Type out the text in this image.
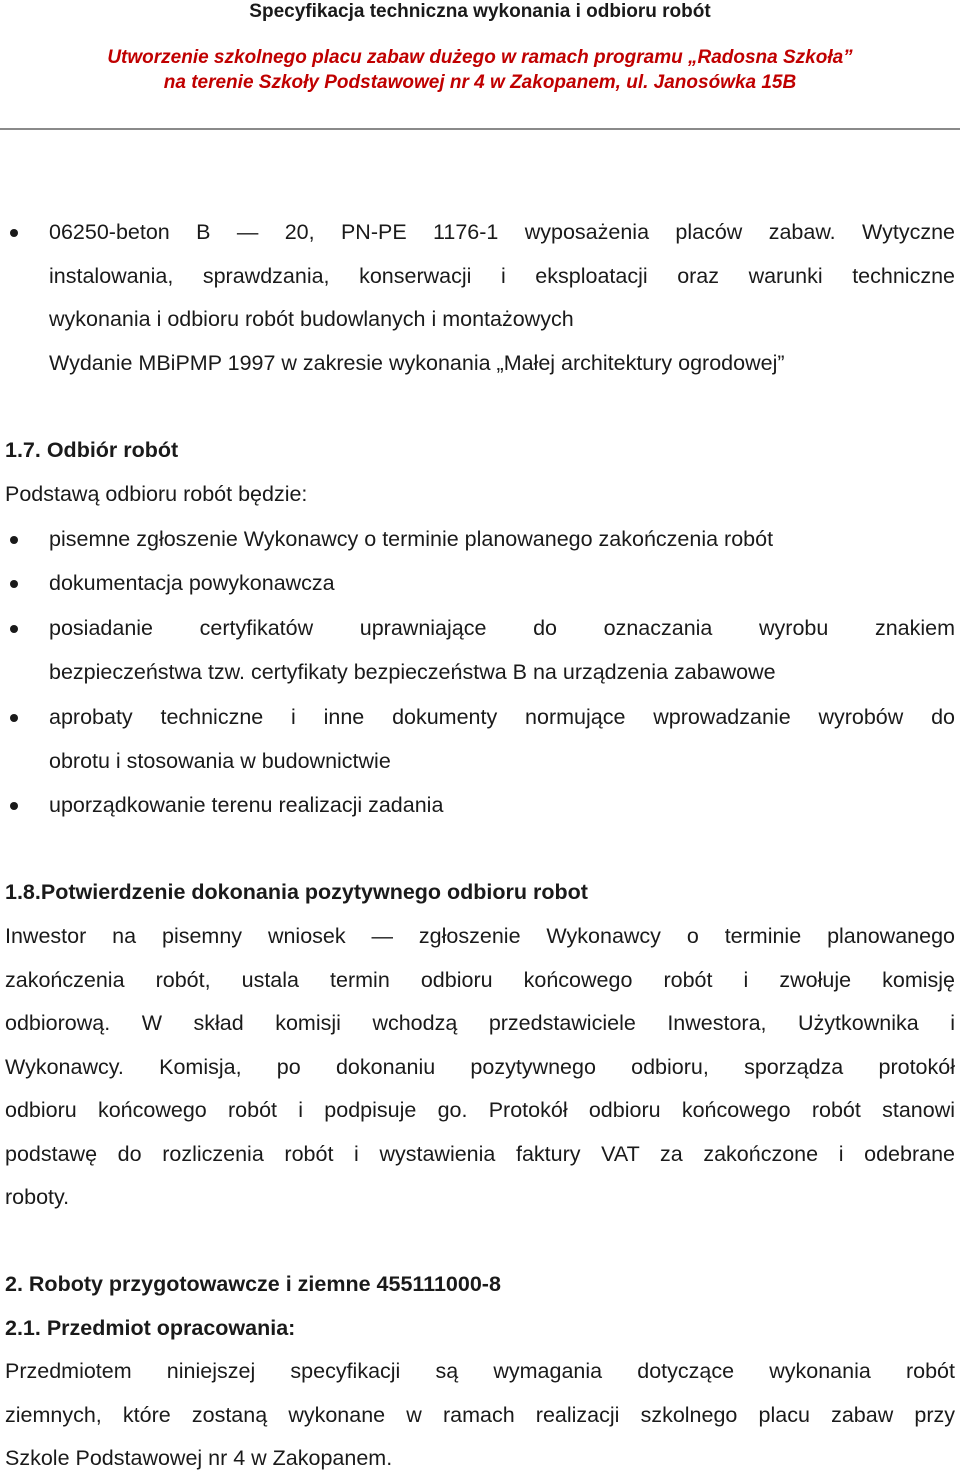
Specyfikacja techniczna wykonania i odbioru robót
Utworzenie szkolnego placu zabaw dużego w ramach programu „Radosna Szkoła”
na terenie Szkoły Podstawowej nr 4 w Zakopanem, ul. Janosówka 15B
06250-beton B — 20, PN-PE 1176-1 wyposażenia placów zabaw. Wytyczne
instalowania, sprawdzania, konserwacji i eksploatacji oraz warunki techniczne
wykonania i odbioru robót budowlanych i montażowych
Wydanie MBiPMP 1997 w zakresie wykonania „Małej architektury ogrodowej”
1.7. Odbiór robót
Podstawą odbioru robót będzie:
pisemne zgłoszenie Wykonawcy o terminie planowanego zakończenia robót
dokumentacja powykonawcza
posiadanie certyfikatów uprawniające do oznaczania wyrobu znakiem
bezpieczeństwa tzw. certyfikaty bezpieczeństwa B na urządzenia zabawowe
aprobaty techniczne i inne dokumenty normujące wprowadzanie wyrobów do
obrotu i stosowania w budownictwie
uporządkowanie terenu realizacji zadania
1.8.Potwierdzenie dokonania pozytywnego odbioru robot
Inwestor na pisemny wniosek — zgłoszenie Wykonawcy o terminie planowanego
zakończenia robót, ustala termin odbioru końcowego robót i zwołuje komisję
odbiorową. W skład komisji wchodzą przedstawiciele Inwestora, Użytkownika i
Wykonawcy. Komisja, po dokonaniu pozytywnego odbioru, sporządza protokół
odbioru końcowego robót i podpisuje go. Protokół odbioru końcowego robót stanowi
podstawę do rozliczenia robót i wystawienia faktury VAT za zakończone i odebrane
roboty.
2. Roboty przygotowawcze i ziemne 455111000-8
2.1. Przedmiot opracowania:
Przedmiotem niniejszej specyfikacji są wymagania dotyczące wykonania robót
ziemnych, które zostaną wykonane w ramach realizacji szkolnego placu zabaw przy
Szkole Podstawowej nr 4 w Zakopanem.
